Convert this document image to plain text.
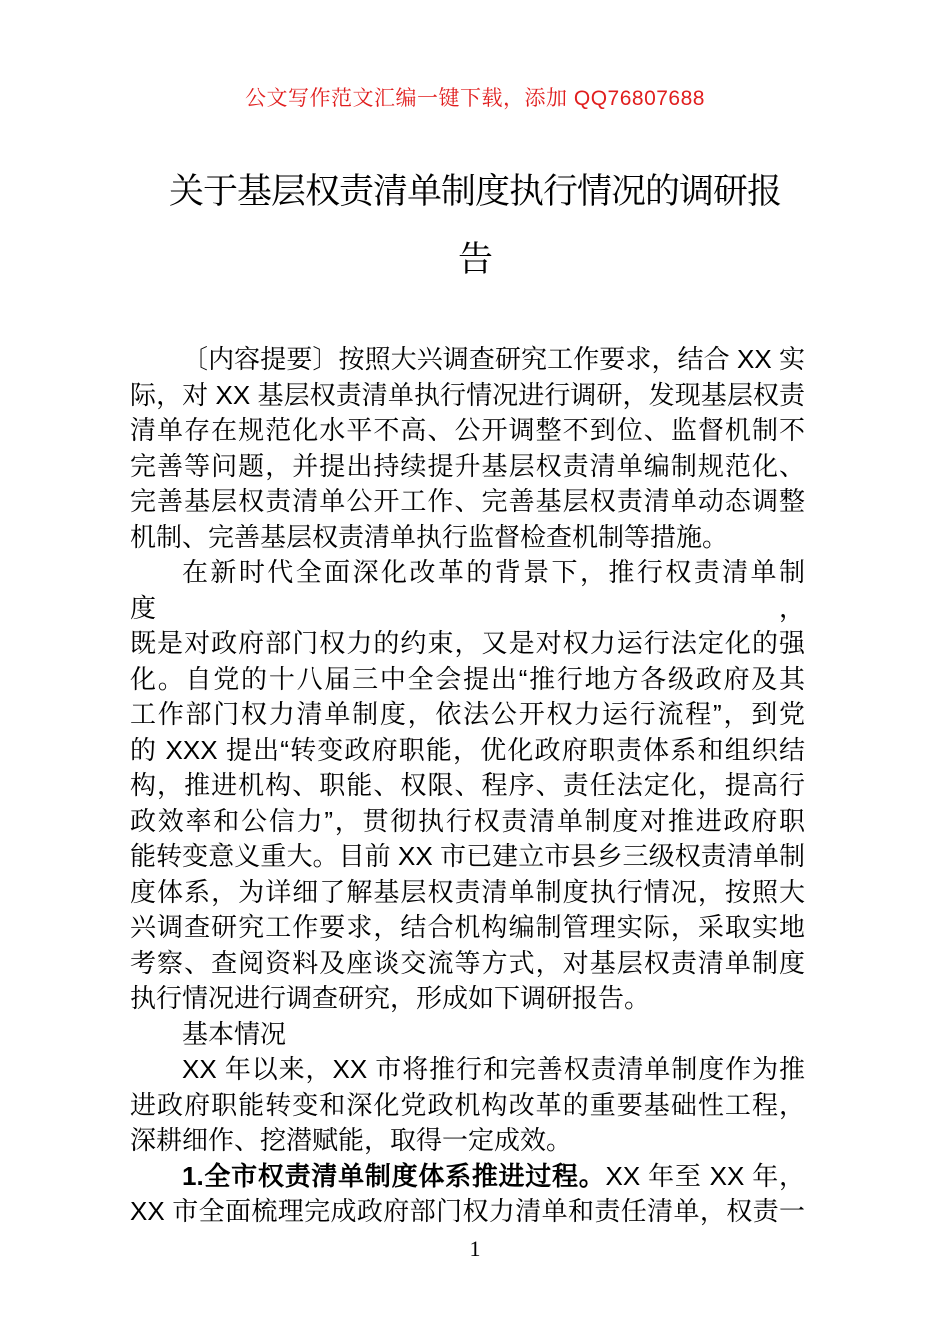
公文写作范文汇编一键下载，添加 QQ76807688
关于基层权责清单制度执行情况的调研报
告
〔内容提要〕按照大兴调查研究工作要求，结合 XX 实
际，对 XX 基层权责清单执行情况进行调研，发现基层权责
清单存在规范化水平不高、公开调整不到位、监督机制不
完善等问题，并提出持续提升基层权责清单编制规范化、
完善基层权责清单公开工作、完善基层权责清单动态调整
机制、完善基层权责清单执行监督检查机制等措施。
在新时代全面深化改革的背景下，推行权责清单制度，
既是对政府部门权力的约束，又是对权力运行法定化的强
化。自党的十八届三中全会提出“推行地方各级政府及其
工作部门权力清单制度，依法公开权力运行流程”，到党
的 XXX 提出“转变政府职能，优化政府职责体系和组织结
构，推进机构、职能、权限、程序、责任法定化，提高行
政效率和公信力”，贯彻执行权责清单制度对推进政府职
能转变意义重大。目前 XX 市已建立市县乡三级权责清单制
度体系，为详细了解基层权责清单制度执行情况，按照大
兴调查研究工作要求，结合机构编制管理实际，采取实地
考察、查阅资料及座谈交流等方式，对基层权责清单制度
执行情况进行调查研究，形成如下调研报告。
基本情况
XX 年以来，XX 市将推行和完善权责清单制度作为推
进政府职能转变和深化党政机构改革的重要基础性工程，
深耕细作、挖潜赋能，取得一定成效。
1.全市权责清单制度体系推进过程。XX 年至 XX 年，
XX 市全面梳理完成政府部门权力清单和责任清单，权责一
1
